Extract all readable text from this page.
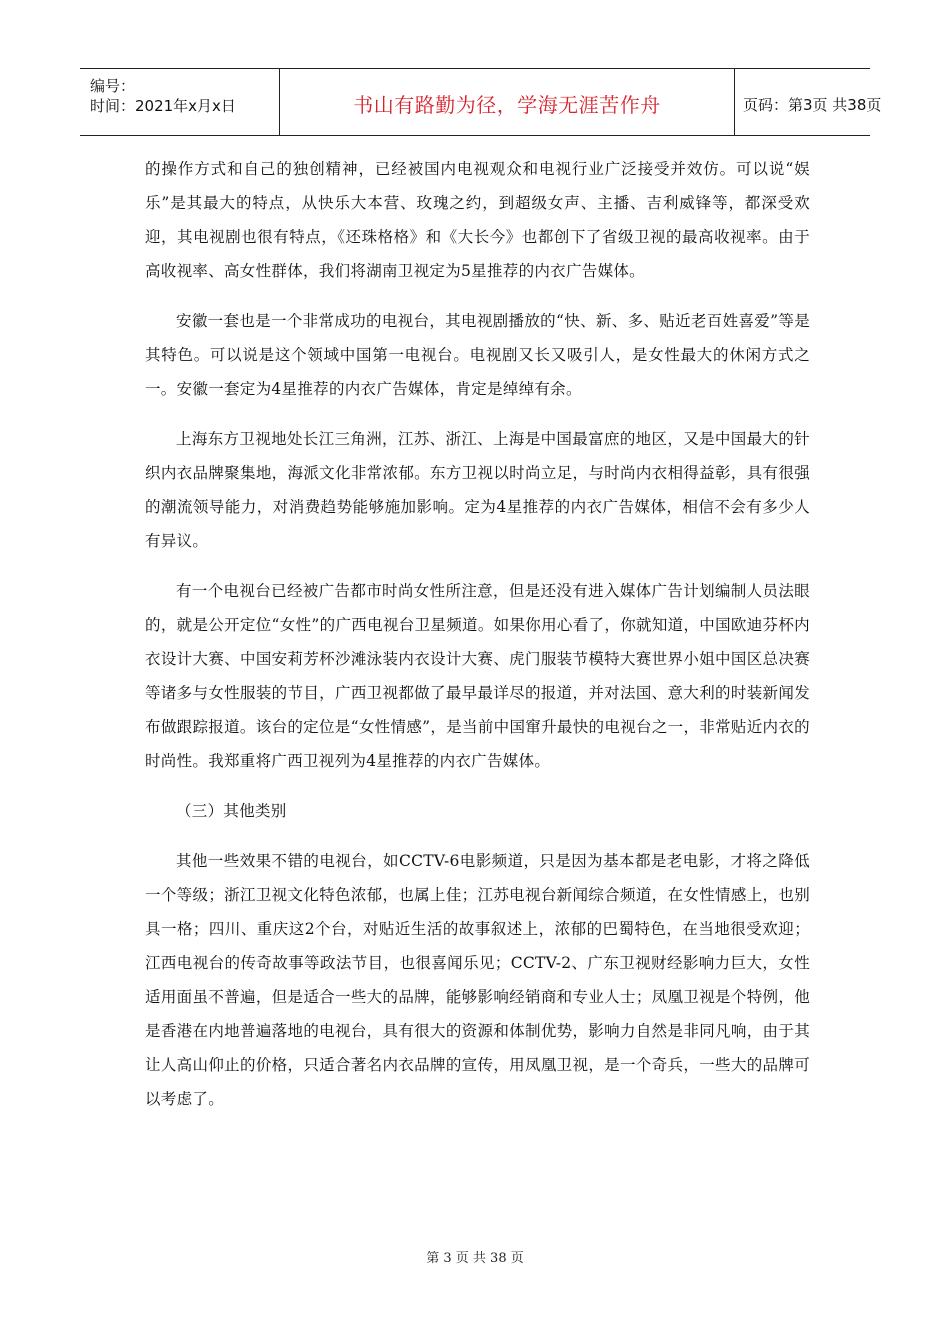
编号：
时间：2021年x月x日	书山有路勤为径，学海无涯苦作舟	页码：第3页 共38页

的操作方式和自己的独创精神，已经被国内电视观众和电视行业广泛接受并效仿。可以说“娱乐”是其最大的特点，从快乐大本营、玫瑰之约，到超级女声、主播、吉利威锋等，都深受欢迎，其电视剧也很有特点，《还珠格格》和《大长今》也都创下了省级卫视的最高收视率。由于高收视率、高女性群体，我们将湖南卫视定为5星推荐的内衣广告媒体。

安徽一套也是一个非常成功的电视台，其电视剧播放的“快、新、多、贴近老百姓喜爱”等是其特色。可以说是这个领域中国第一电视台。电视剧又长又吸引人，是女性最大的休闲方式之一。安徽一套定为4星推荐的内衣广告媒体，肯定是绰绰有余。

上海东方卫视地处长江三角洲，江苏、浙江、上海是中国最富庶的地区，又是中国最大的针织内衣品牌聚集地，海派文化非常浓郁。东方卫视以时尚立足，与时尚内衣相得益彰，具有很强的潮流领导能力，对消费趋势能够施加影响。定为4星推荐的内衣广告媒体，相信不会有多少人有异议。

有一个电视台已经被广告都市时尚女性所注意，但是还没有进入媒体广告计划编制人员法眼的，就是公开定位“女性”的广西电视台卫星频道。如果你用心看了，你就知道，中国欧迪芬杯内衣设计大赛、中国安莉芳杯沙滩泳装内衣设计大赛、虎门服装节模特大赛世界小姐中国区总决赛等诸多与女性服装的节目，广西卫视都做了最早最详尽的报道，并对法国、意大利的时装新闻发布做跟踪报道。该台的定位是“女性情感”，是当前中国窜升最快的电视台之一，非常贴近内衣的时尚性。我郑重将广西卫视列为4星推荐的内衣广告媒体。

（三）其他类别

其他一些效果不错的电视台，如CCTV-6电影频道，只是因为基本都是老电影，才将之降低一个等级；浙江卫视文化特色浓郁，也属上佳；江苏电视台新闻综合频道，在女性情感上，也别具一格；四川、重庆这2个台，对贴近生活的故事叙述上，浓郁的巴蜀特色，在当地很受欢迎；江西电视台的传奇故事等政法节目，也很喜闻乐见；CCTV-2、广东卫视财经影响力巨大，女性适用面虽不普遍，但是适合一些大的品牌，能够影响经销商和专业人士；凤凰卫视是个特例，他是香港在内地普遍落地的电视台，具有很大的资源和体制优势，影响力自然是非同凡响，由于其让人高山仰止的价格，只适合著名内衣品牌的宣传，用凤凰卫视，是一个奇兵，一些大的品牌可以考虑了。

第 3 页 共 38 页
